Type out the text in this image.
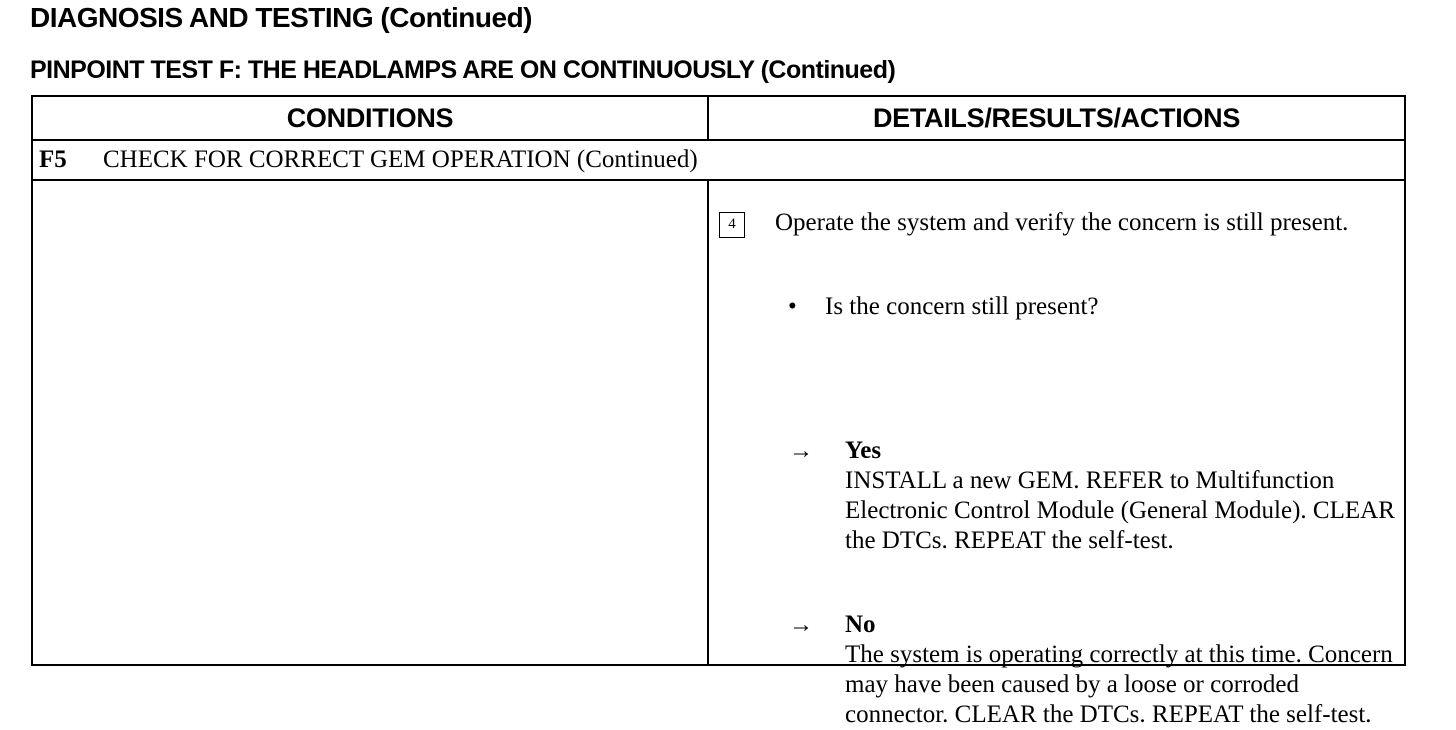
DIAGNOSIS AND TESTING (Continued)
PINPOINT TEST F: THE HEADLAMPS ARE ON CONTINUOUSLY (Continued)
CONDITIONS	DETAILS/RESULTS/ACTIONS
F5 CHECK FOR CORRECT GEM OPERATION (Continued)
4	Operate the system and verify the concern is still present.
• Is the concern still present?
→ Yes
INSTALL a new GEM. REFER to Multifunction Electronic Control Module (General Module). CLEAR the DTCs. REPEAT the self-test.
→ No
The system is operating correctly at this time. Concern may have been caused by a loose or corroded connector. CLEAR the DTCs. REPEAT the self-test.
